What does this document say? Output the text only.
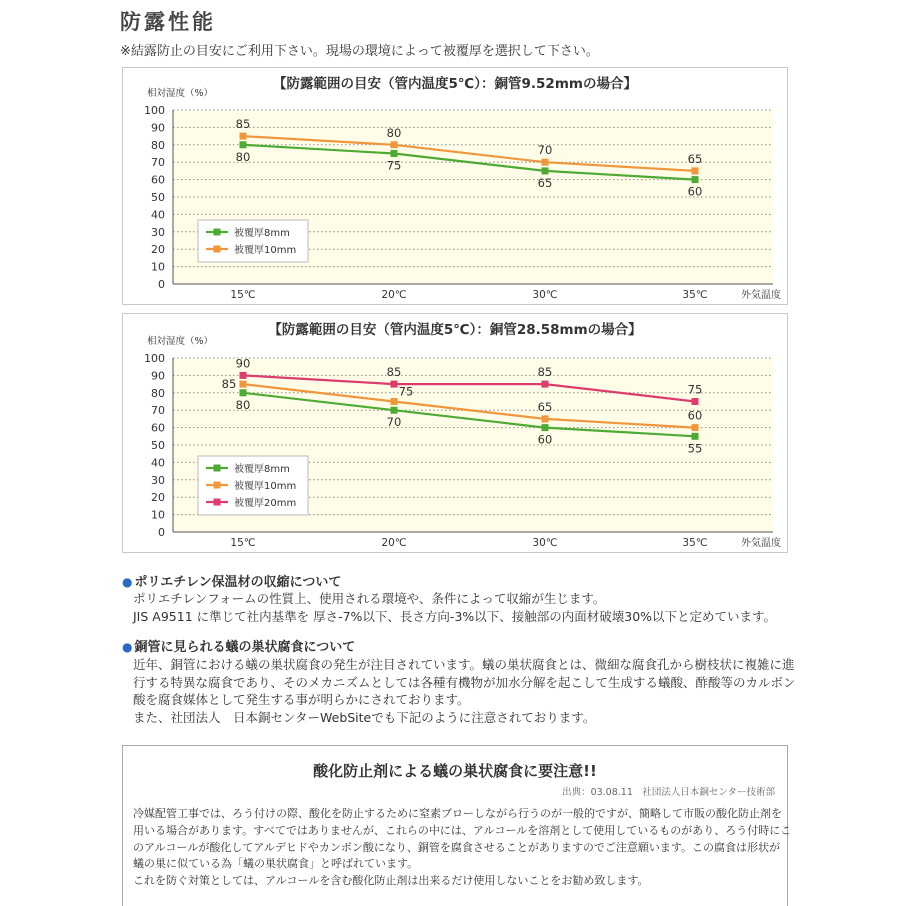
防露性能
※結露防止の目安にご利用下さい。現場の環境によって被覆厚を選択して下さい。
0
10
20
30
40
50
60
70
80
90
100
【防露範囲の目安（管内温度5℃）：銅管9.52mmの場合】
相対湿度（%）
15℃	20℃	30℃	35℃	外気温度
80
75
65
60
85
80
70
65
被覆厚8mm
被覆厚10mm
0
10
20
30
40
50
60
70
80
90
100
【防露範囲の目安（管内温度5℃）：銅管28.58mmの場合】
相対湿度（%）
15℃	20℃	30℃	35℃	外気温度
80
70
60
55
85
75
65
60
90
85	85
75
被覆厚8mm
被覆厚10mm
被覆厚20mm
● ポリエチレン保温材の収縮について
ポリエチレンフォームの性質上、使用される環境や、条件によって収縮が生じます。
JIS A9511 に準じて社内基準を 厚さ-7%以下、長さ方向-3%以下、接触部の内面材破壊30%以下と定めています。
● 銅管に見られる蟻の巣状腐食について
近年、銅管における蟻の巣状腐食の発生が注目されています。蟻の巣状腐食とは、微細な腐食孔から樹枝状に複雑に進
行する特異な腐食であり、そのメカニズムとしては各種有機物が加水分解を起こして生成する蟻酸、酢酸等のカルボン
酸を腐食媒体として発生する事が明らかにされております。
また、社団法人　日本銅センターWebSiteでも下記のように注意されております。
酸化防止剤による蟻の巣状腐食に要注意!!
出典：03.08.11　社団法人日本銅センター技術部
冷媒配管工事では、ろう付けの際、酸化を防止するために窒素ブローしながら行うのが一般的ですが、簡略して市販の酸化防止剤を
用いる場合があります。すべてではありませんが、これらの中には、アルコールを溶剤として使用しているものがあり、ろう付時にこ
のアルコールが酸化してアルデヒドやカンボン酸になり、銅管を腐食させることがありますのでご注意願います。この腐食は形状が
蟻の巣に似ている為「蟻の巣状腐食」と呼ばれています。
これを防ぐ対策としては、アルコールを含む酸化防止剤は出来るだけ使用しないことをお勧め致します。
